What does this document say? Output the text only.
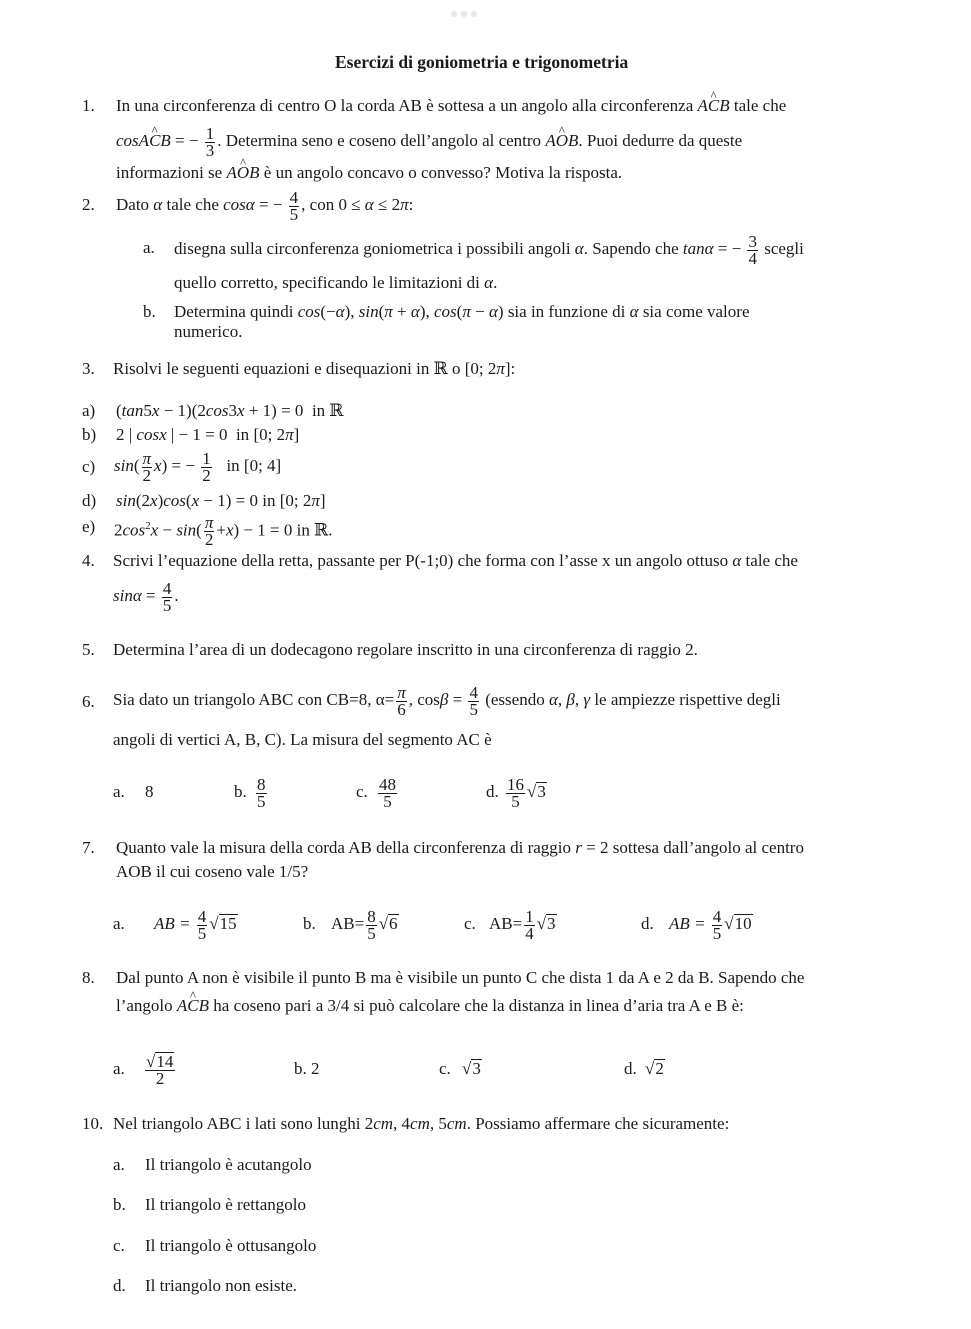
Esercizi di goniometria e trigonometria
1. In una circonferenza di centro O la corda AB è sottesa a un angolo alla circonferenza A^ CB tale che
cosA^ CB = − $\frac{1}{3}$ . Determina seno e coseno dell’angolo al centro A^ OB. Puoi dedurre da queste
informazioni se A^ OB è un angolo concavo o convesso? Motiva la risposta.
2. Dato α tale che cosα = − $\frac{4}{5}$ , con 0 ≤ α ≤ 2π:
a. disegna sulla circonferenza goniometrica i possibili angoli α. Sapendo che tanα = − $\frac{3}{4}$ scegli
quello corretto, specificando le limitazioni di α.
b. Determina quindi cos(−α), sin(π + α), cos(π − α) sia in funzione di α sia come valore
numerico.
3. Risolvi le seguenti equazioni e disequazioni in ℝ o [0; 2π]:
a) (tan5x − 1)(2cos3x + 1) = 0  in ℝ
b) 2 | cosx | − 1 = 0  in [0; 2π]
c) $\sin( \frac{\pi}{2} x)$ = − $\frac{1}{2}$ in [0; 4]
d) sin(2x)cos(x − 1) = 0 in [0; 2π]
e) $2\cos^2x - \sin( \frac{\pi}{2} +x) - 1 = 0$ in ℝ.
4. Scrivi l’equazione della retta, passante per P(-1;0) che forma con l’asse x un angolo ottuso α tale che
$\sin\alpha = \frac{4}{5}$ .
5. Determina l’area di un dodecagono regolare inscritto in una circonferenza di raggio 2.
6. Sia dato un triangolo ABC con CB=8, $\alpha= \frac{\pi}{6}$ , $\cos\beta = \frac{4}{5}$ (essendo α, β, γ le ampiezze rispettive degli
angoli di vertici A, B, C). La misura del segmento AC è
a. 8	b. $\frac{8}{5}$	c. $\frac{48}{5}$	d. $\frac{16}{5} √3$
7. Quanto vale la misura della corda AB della circonferenza di raggio r = 2 sottesa dall’angolo al centro
AOB il cui coseno vale 1/5?
a. AB = $\frac{4}{5} √15$	b. $AB= \frac{8}{5} √6$	c. $AB= \frac{1}{4} √3$	d. AB = $\frac{4}{5} √10$
8. Dal punto A non è visibile il punto B ma è visibile un punto C che dista 1 da A e 2 da B. Sapendo che
l’angolo A^ CB ha coseno pari a 3/4 si può calcolare che la distanza in linea d’aria tra A e B è:
a. $\frac{√14}{2}$	b. 2	c. √3	d. √2
10. Nel triangolo ABC i lati sono lunghi 2cm, 4cm, 5cm. Possiamo affermare che sicuramente:
a. Il triangolo è acutangolo
b. Il triangolo è rettangolo
c. Il triangolo è ottusangolo
d. Il triangolo non esiste.
